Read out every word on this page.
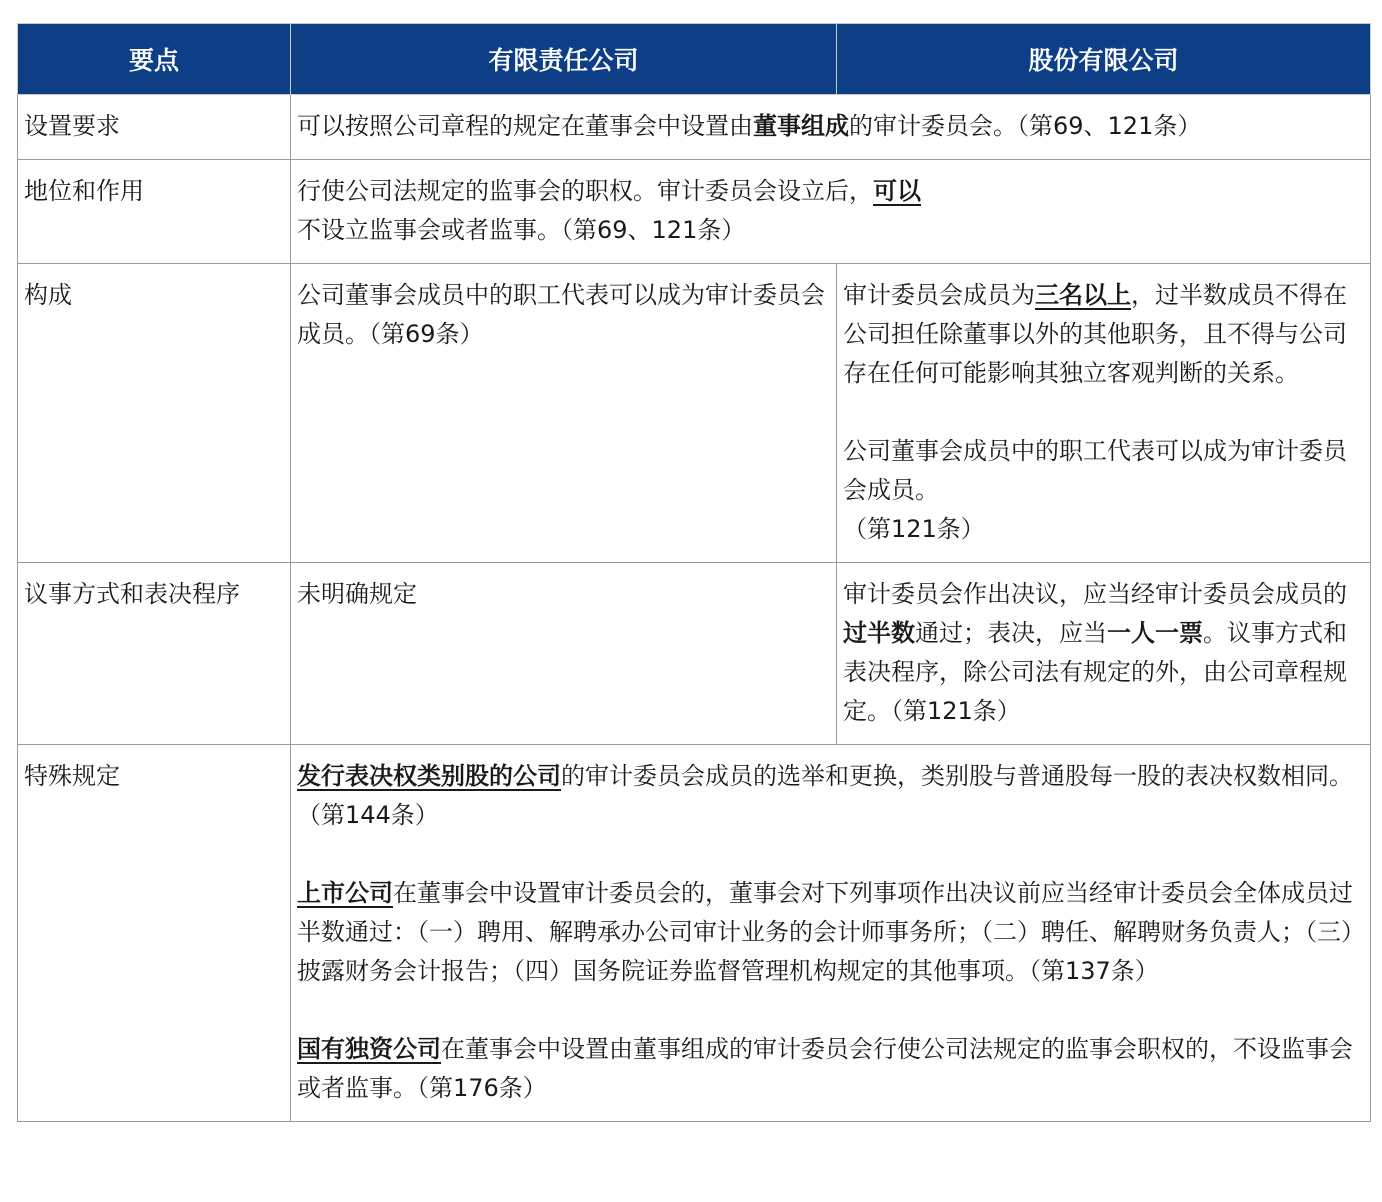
要点	有限责任公司	股份有限公司
设置要求	可以按照公司章程的规定在董事会中设置由董事组成的审计委员会。（第69、121条）	
地位和作用	行使公司法规定的监事会的职权。审计委员会设立后，可以不设立监事会或者监事。（第69、121条）	
构成	公司董事会成员中的职工代表可以成为审计委员会成员。（第69条）	审计委员会成员为三名以上，过半数成员不得在公司担任除董事以外的其他职务，且不得与公司存在任何可能影响其独立客观判断的关系。

公司董事会成员中的职工代表可以成为审计委员会成员。
（第121条）

议事方式和表决程序	未明确规定	审计委员会作出决议，应当经审计委员会成员的过半数通过；表决，应当一人一票。议事方式和表决程序，除公司法有规定的外，由公司章程规定。（第121条）
特殊规定	发行表决权类别股的公司的审计委员会成员的选举和更换，类别股与普通股每一股的表决权数相同。（第144条）

上市公司在董事会中设置审计委员会的，董事会对下列事项作出决议前应当经审计委员会全体成员过半数通过：（一）聘用、解聘承办公司审计业务的会计师事务所；（二）聘任、解聘财务负责人；（三）披露财务会计报告；（四）国务院证券监督管理机构规定的其他事项。（第137条）

国有独资公司在董事会中设置由董事组成的审计委员会行使公司法规定的监事会职权的，不设监事会或者监事。（第176条）	
